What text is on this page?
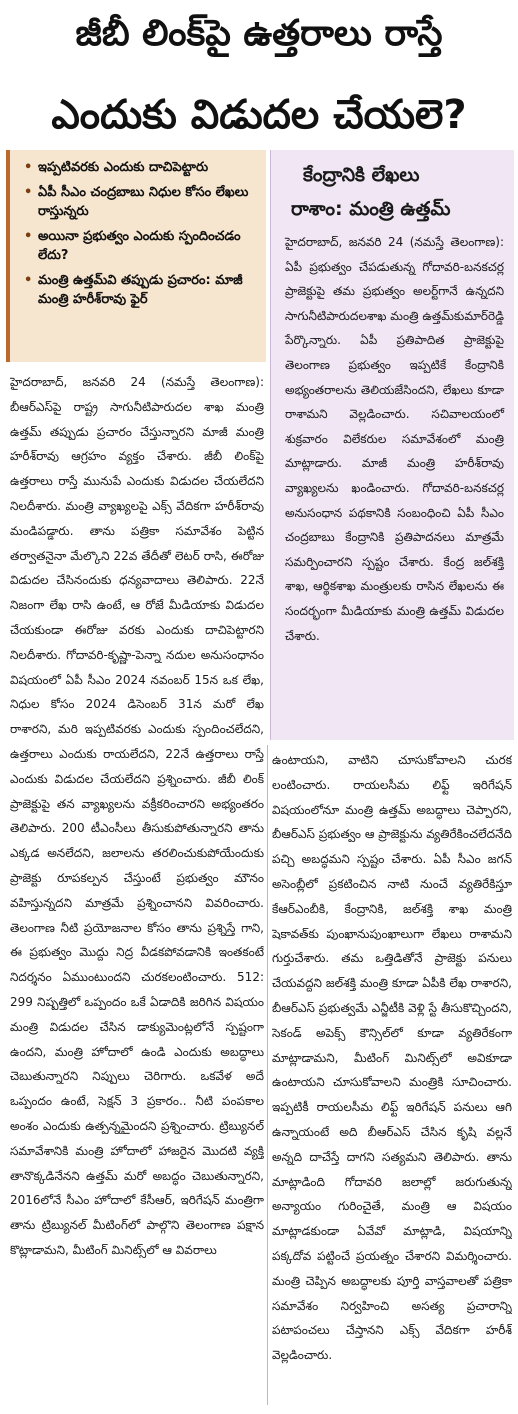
జీబీ లింక్‌పై ఉత్తరాలు రాస్తే
ఎందుకు విడుదల చేయలె?
• ఇప్పటివరకు ఎందుకు దాచిపెట్టారు
• ఏపీ సీఎం చంద్రబాబు నిధుల కోసం లేఖలు రాస్తున్నరు
• అయినా ప్రభుత్వం ఎందుకు స్పందించడం లేదు?
• మంత్రి ఉత్తమ్‌వి తప్పుడు ప్రచారం: మాజీ మంత్రి హరీశ్‌రావు ఫైర్
కేంద్రానికి లేఖలు
రాశాం: మంత్రి ఉత్తమ్
హైదరాబాద్, జనవరి 24 (నమస్తే తెలంగాణ): ఏపీ ప్రభుత్వం చేపడుతున్న గోదావరి-బనకచర్ల ప్రాజెక్టుపై తమ ప్రభుత్వం అలర్ట్‌గానే ఉన్నదని సాగునీటిపారుదలశాఖ మంత్రి ఉత్తమ్‌కుమార్‌రెడ్డి పేర్కొన్నారు. ఏపీ ప్రతిపాదిత ప్రాజెక్టుపై తెలంగాణ ప్రభుత్వం ఇప్పటికే కేంద్రానికి అభ్యంతరాలను తెలియజేసిందని, లేఖలు కూడా రాశామని వెల్లడించారు. సచివాలయంలో శుక్రవారం విలేకరుల సమావేశంలో మంత్రి మాట్లాడారు. మాజీ మంత్రి హరీశ్‌రావు వ్యాఖ్యలను ఖండించారు. గోదావరి-బనకచర్ల అనుసంధాన పథకానికి సంబంధించి ఏపీ సీఎం చంద్రబాబు కేంద్రానికి ప్రతిపాదనలు మాత్రమే సమర్పించారని స్పష్టం చేశారు. కేంద్ర జల్‌శక్తి శాఖ, ఆర్థికశాఖ మంత్రులకు రాసిన లేఖలను ఈ సందర్భంగా మీడియాకు మంత్రి ఉత్తమ్ విడుదల చేశారు.
హైదరాబాద్, జనవరి 24 (నమస్తే తెలంగాణ): బీఆర్‌ఎస్‌పై రాష్ట్ర సాగునీటిపారుదల శాఖ మంత్రి ఉత్తమ్ తప్పుడు ప్రచారం చేస్తున్నారని మాజీ మంత్రి హరీశ్‌రావు ఆగ్రహం వ్యక్తం చేశారు. జీబీ లింక్‌పై ఉత్తరాలు రాస్తే మునుపే ఎందుకు విడుదల చేయలేదని నిలదీశారు. మంత్రి వ్యాఖ్యలపై ఎక్స్ వేదికగా హరీశ్‌రావు మండిపడ్డారు. తాను పత్రికా సమావేశం పెట్టిన తర్వాతనైనా మేల్కొని 22వ తేదీతో లెటర్ రాసి, ఈరోజు విడుదల చేసినందుకు ధన్యవాదాలు తెలిపారు. 22నే నిజంగా లేఖ రాసి ఉంటే, ఆ రోజే మీడియాకు విడుదల చేయకుండా ఈరోజు వరకు ఎందుకు దాచిపెట్టారని నిలదీశారు. గోదావరి-కృష్ణా-పెన్నా నదుల అనుసంధానం విషయంలో ఏపీ సీఎం 2024 నవంబర్ 15న ఒక లేఖ, నిధుల కోసం 2024 డిసెంబర్ 31న మరో లేఖ రాశారని, మరి ఇప్పటివరకు ఎందుకు స్పందించలేదని, ఉత్తరాలు ఎందుకు రాయలేదని, 22నే ఉత్తరాలు రాస్తే ఎందుకు విడుదల చేయలేదని ప్రశ్నించారు. జీబీ లింక్ ప్రాజెక్టుపై తన వ్యాఖ్యలను వక్రీకరించారని అభ్యంతరం తెలిపారు. 200 టీఎంసీలు తీసుకుపోతున్నారని తాను ఎక్కడ అనలేదని, జలాలను తరలించుకుపోయేందుకు ప్రాజెక్టు రూపకల్పన చేస్తుంటే ప్రభుత్వం మౌనం వహిస్తున్నదని మాత్రమే ప్రశ్నించానని వివరించారు. తెలంగాణ నీటి ప్రయోజనాల కోసం తాను ప్రశ్నిస్తే గాని, ఈ ప్రభుత్వం మొద్దు నిద్ర వీడకపోవడానికి ఇంతకంటే నిదర్శనం ఏముంటుందని చురకలంటించారు. 512: 299 నిష్పత్తిలో ఒప్పందం ఒకే ఏడాదికి జరిగిన విషయం మంత్రి విడుదల చేసిన డాక్యుమెంట్లలోనే స్పష్టంగా ఉందని, మంత్రి హోదాలో ఉండి ఎందుకు అబద్ధాలు చెబుతున్నారని నిప్పులు చెరిగారు. ఒకవేళ అదే ఒప్పందం ఉంటే, సెక్షన్ 3 ప్రకారం.. నీటి పంపకాల అంశం ఎందుకు ఉత్పన్నమైందని ప్రశ్నించారు. ట్రిబ్యునల్ సమావేశానికి మంత్రి హోదాలో హాజరైన మొదటి వ్యక్తి తానొక్కడినేనని ఉత్తమ్ మరో అబద్ధం చెబుతున్నారని, 2016లోనే సీఎం హోదాలో కేసీఆర్, ఇరిగేషన్ మంత్రిగా తాను ట్రిబ్యునల్ మీటింగ్‌లో పాల్గొని తెలంగాణ పక్షాన కొట్లాడామని, మీటింగ్ మినిట్స్‌లో ఆ వివరాలు
ఉంటాయని, వాటిని చూసుకోవాలని చురక లంటించారు. రాయలసీమ లిఫ్ట్ ఇరిగేషన్ విషయంలోనూ మంత్రి ఉత్తమ్ అబద్ధాలు చెప్పారని, బీఆర్‌ఎస్ ప్రభుత్వం ఆ ప్రాజెక్టును వ్యతిరేకించలేదనేది పచ్చి అబద్ధమని స్పష్టం చేశారు. ఏపీ సీఎం జగన్ అసెంబ్లీలో ప్రకటించిన నాటి నుంచే వ్యతిరేకిస్తూ కేఆర్‌ఎంబీకి, కేంద్రానికి, జల్‌శక్తి శాఖ మంత్రి షెకావత్‌కు పుంఖానుపుంఖాలుగా లేఖలు రాశామని గుర్తుచేశారు. తమ ఒత్తిడితోనే ప్రాజెక్టు పనులు చేయవద్దని జల్‌శక్తి మంత్రి కూడా ఏపీకి లేఖ రాశారని, బీఆర్‌ఎస్ ప్రభుత్వమే ఎన్జీటీకి వెళ్లి స్టే తీసుకొచ్చిందని, సెకండ్ అపెక్స్ కౌన్సిల్‌లో కూడా వ్యతిరేకంగా మాట్లాడామని, మీటింగ్ మినిట్స్‌లో అవికూడా ఉంటాయని చూసుకోవాలని మంత్రికి సూచించారు. ఇప్పటికీ రాయలసీమ లిఫ్ట్ ఇరిగేషన్ పనులు ఆగి ఉన్నాయంటే అది బీఆర్‌ఎస్ చేసిన కృషి వల్లనే అన్నది దాచేస్తే దాగని సత్యమని తెలిపారు. తాను మాట్లాడింది గోదావరి జలాల్లో జరుగుతున్న అన్యాయం గురించైతే, మంత్రి ఆ విషయం మాట్లాడకుండా ఏవేవో మాట్లాడి, విషయాన్ని పక్కదోవ పట్టించే ప్రయత్నం చేశారని విమర్శించారు. మంత్రి చెప్పిన అబద్ధాలకు పూర్తి వాస్తవాలతో పత్రికా సమావేశం నిర్వహించి అసత్య ప్రచారాన్ని పటాపంచలు చేస్తానని ఎక్స్ వేదికగా హరీశ్ వెల్లడించారు.
